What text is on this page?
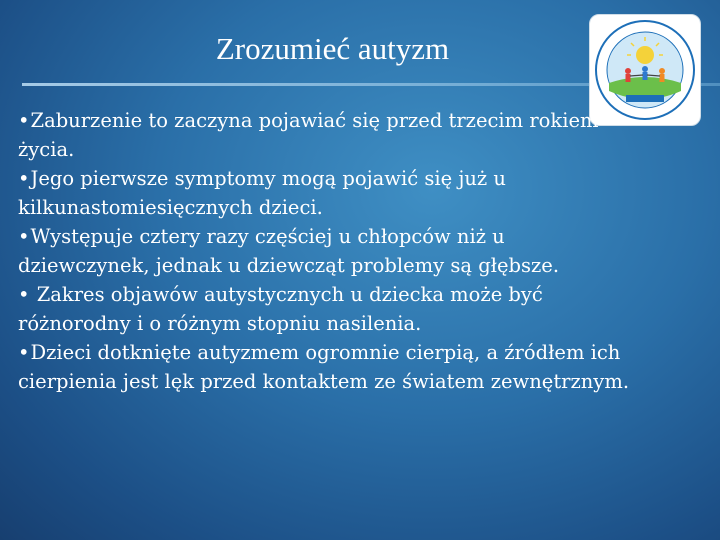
Zrozumieć autyzm
•Zaburzenie to zaczyna pojawiać się przed trzecim rokiem życia.
•Jego pierwsze symptomy mogą pojawić się już u kilkunastomiesięcznych dzieci.
•Występuje cztery razy częściej u chłopców niż u dziewczynek, jednak u dziewcząt problemy są głębsze.
• Zakres objawów autystycznych u dziecka może być różnorodny i o różnym stopniu nasilenia.
•Dzieci dotknięte autyzmem ogromnie cierpią, a źródłem ich cierpienia jest lęk przed kontaktem ze światem zewnętrznym.
